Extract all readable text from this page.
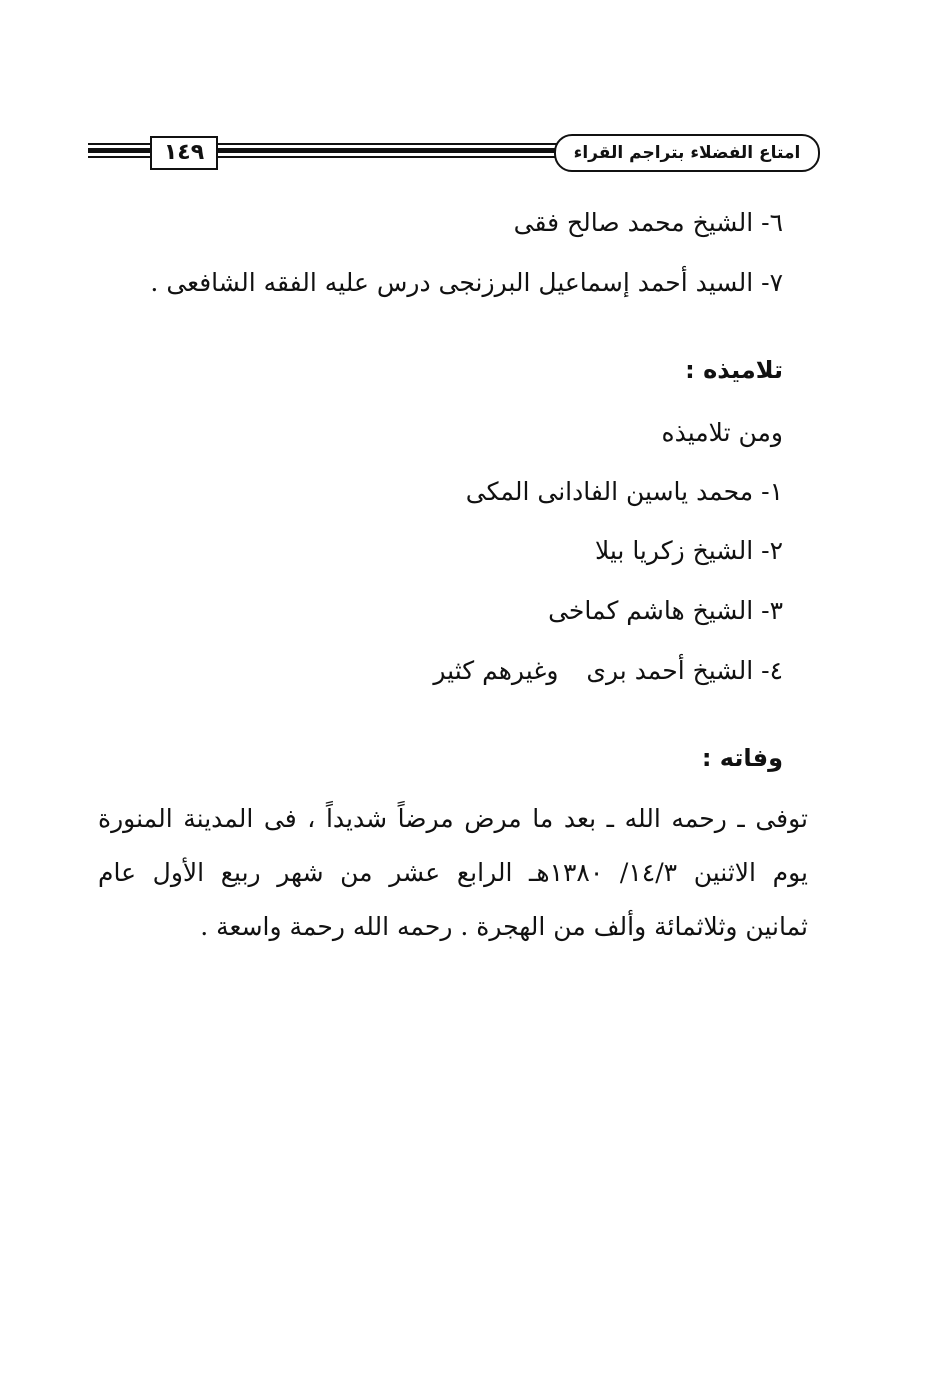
١٤٩	امتاع الفضلاء بتراجم القراء
٦- الشيخ محمد صالح فقى
٧- السيد أحمد إسماعيل البرزنجى درس عليه الفقه الشافعى .
تلاميذه :
ومن تلاميذه
١- محمد ياسين الفادانى المكى
٢- الشيخ زكريا بيلا
٣- الشيخ هاشم كماخى
٤- الشيخ أحمد برىوغيرهم كثير
وفاته :
توفى ـ رحمه الله ـ بعد ما مرض مرضاً شديداً ، فى المدينة المنورة
يوم الاثنين ١٤/٣/ ١٣٨٠هـ الرابع عشر من شهر ربيع الأول عام
ثمانين وثلاثمائة وألف من الهجرة . رحمه الله رحمة واسعة .
